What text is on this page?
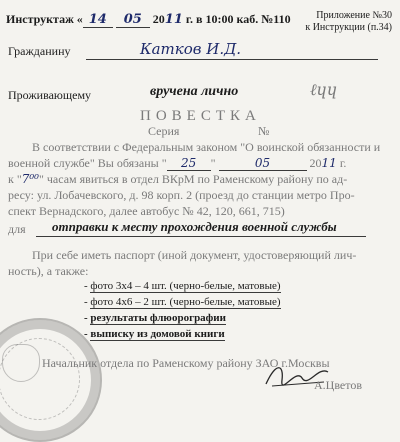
Инструктаж « 14 05 2011 г. в 10:00 каб. №110	Приложение №30
к Инструкции (п.34)
Гражданину	Катков И.Д.
Проживающему	вручена лично	ℓɥɥ
ПОВЕСТКА
Серия	№
В соответствии с Федеральным законом "О воинской обязанности и
военной службе" Вы обязаны " 25 "	05	2011 г.
к "7⁰⁰" часам явиться в отдел ВКрМ по Раменскому району по ад-
ресу: ул. Лобачевского, д. 98 корп. 2 (проезд до станции метро Про-
спект Вернадского, далее автобус № 42, 120, 661, 715)
для отправки к месту прохождения военной службы
При себе иметь паспорт (иной документ, удостоверяющий лич-
ность), а также:
- фото 3x4 – 4 шт. (черно-белые, матовые)
- фото 4x6 – 2 шт. (черно-белые, матовые)
- результаты флюорографии
- выписку из домовой книги
Начальник отдела по Раменскому району ЗАО г.Москвы
А.Цветов
